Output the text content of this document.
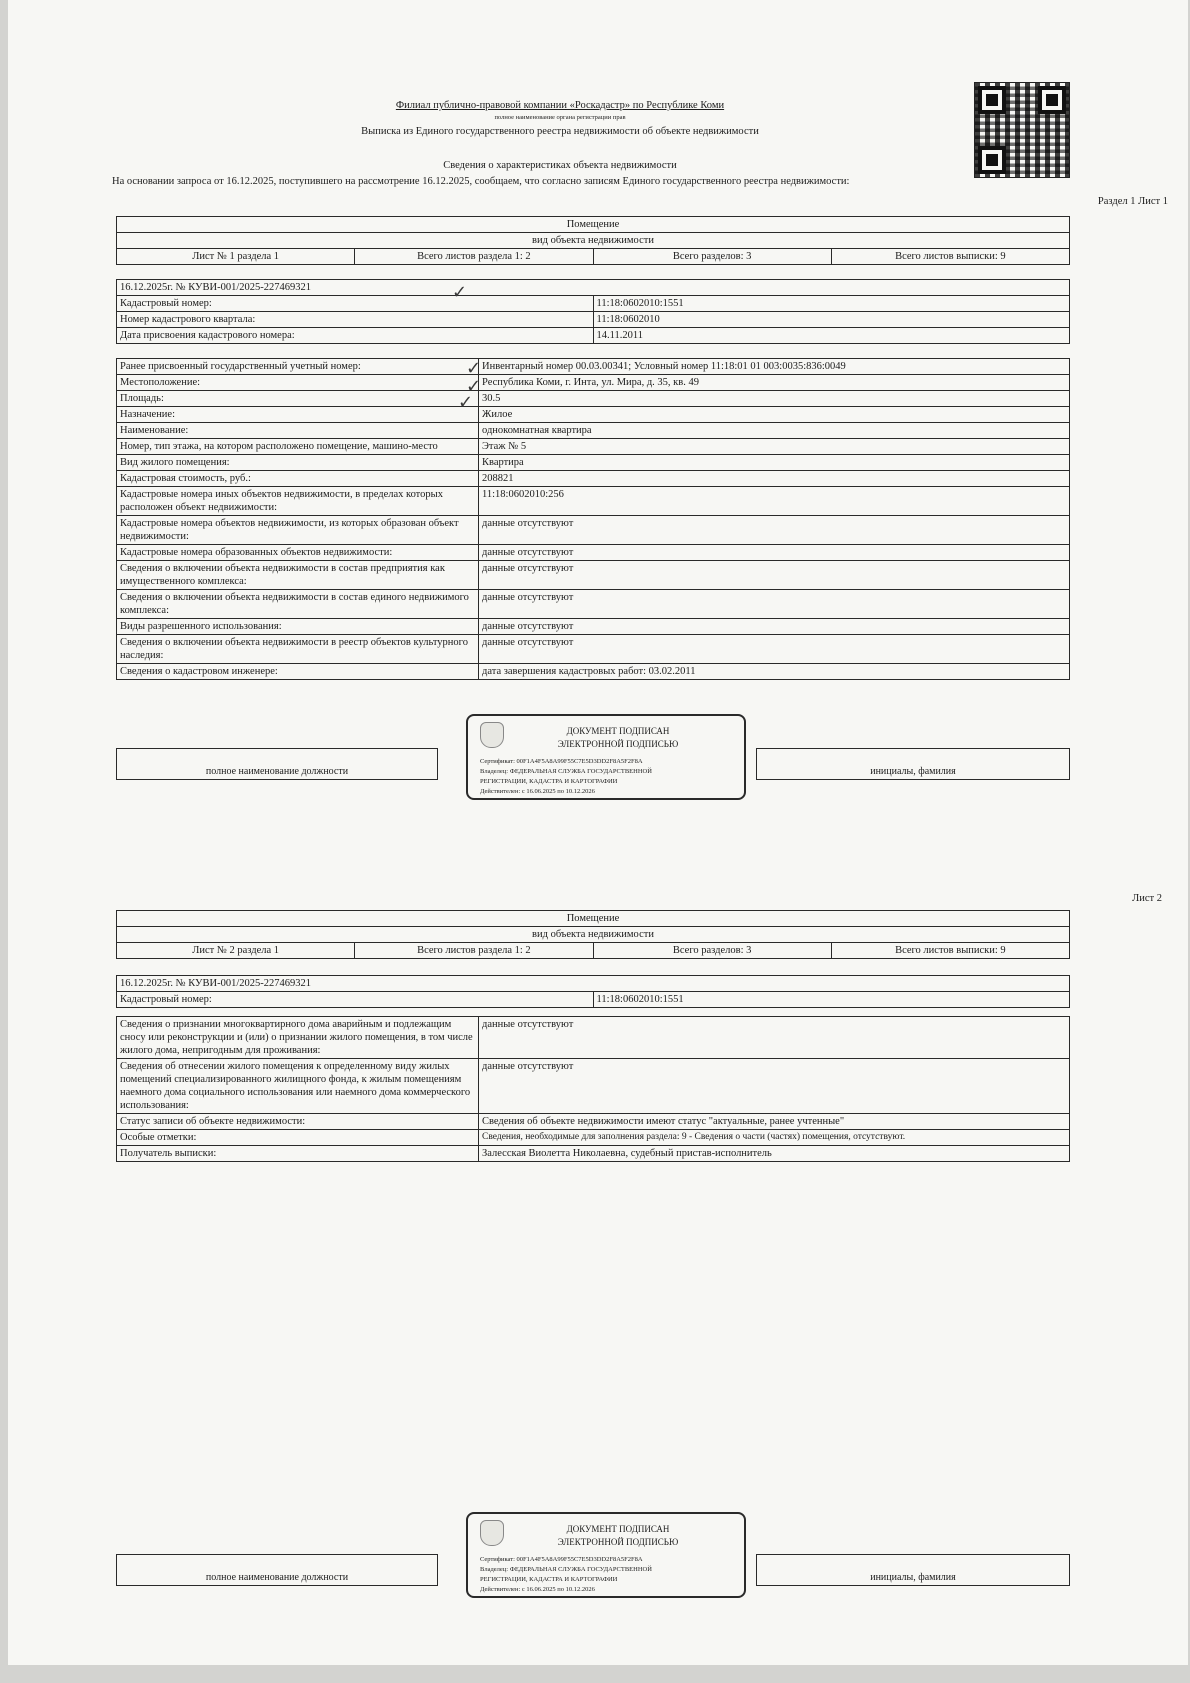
Филиал публично-правовой компании «Роскадастр» по Республике Коми
полное наименование органа регистрации прав
Выписка из Единого государственного реестра недвижимости об объекте недвижимости
Сведения о характеристиках объекта недвижимости
На основании запроса от 16.12.2025, поступившего на рассмотрение 16.12.2025, сообщаем, что согласно записям Единого государственного реестра недвижимости:
Раздел 1 Лист 1
Помещение
вид объекта недвижимости
Лист № 1 раздела 1	Всего листов раздела 1: 2	Всего разделов: 3	Всего листов выписки: 9
16.12.2025г. № КУВИ-001/2025-227469321	
Кадастровый номер:	11:18:0602010:1551
Номер кадастрового квартала:	11:18:0602010
Дата присвоения кадастрового номера:	14.11.2011
Ранее присвоенный государственный учетный номер:	Инвентарный номер 00.03.00341; Условный номер 11:18:01 01 003:0035:836:0049
Местоположение:	Республика Коми, г. Инта, ул. Мира, д. 35, кв. 49
Площадь:	30.5
Назначение:	Жилое
Наименование:	однокомнатная квартира
Номер, тип этажа, на котором расположено помещение, машино-место	Этаж № 5
Вид жилого помещения:	Квартира
Кадастровая стоимость, руб.:	208821
Кадастровые номера иных объектов недвижимости, в пределах которых расположен объект недвижимости:	11:18:0602010:256
Кадастровые номера объектов недвижимости, из которых образован объект недвижимости:	данные отсутствуют
Кадастровые номера образованных объектов недвижимости:	данные отсутствуют
Сведения о включении объекта недвижимости в состав предприятия как имущественного комплекса:	данные отсутствуют
Сведения о включении объекта недвижимости в состав единого недвижимого комплекса:	данные отсутствуют
Виды разрешенного использования:	данные отсутствуют
Сведения о включении объекта недвижимости в реестр объектов культурного наследия:	данные отсутствуют
Сведения о кадастровом инженере:	дата завершения кадастровых работ: 03.02.2011
✓
✓
✓
✓
полное наименование должности	инициалы, фамилия
ДОКУМЕНТ ПОДПИСАН
ЭЛЕКТРОННОЙ ПОДПИСЬЮ
Сертификат: 00F1A4F5A8A99F55C7E5D3DD2F8A5F2F8A
Владелец: ФЕДЕРАЛЬНАЯ СЛУЖБА ГОСУДАРСТВЕННОЙ
РЕГИСТРАЦИИ, КАДАСТРА И КАРТОГРАФИИ
Действителен: с 16.06.2025 по 10.12.2026
Лист 2
Помещение
вид объекта недвижимости
Лист № 2 раздела 1	Всего листов раздела 1: 2	Всего разделов: 3	Всего листов выписки: 9
16.12.2025г. № КУВИ-001/2025-227469321
Кадастровый номер:	11:18:0602010:1551
Сведения о признании многоквартирного дома аварийным и подлежащим сносу или реконструкции и (или) о признании жилого помещения, в том числе жилого дома, непригодным для проживания:	данные отсутствуют
Сведения об отнесении жилого помещения к определенному виду жилых помещений специализированного жилищного фонда, к жилым помещениям наемного дома социального использования или наемного дома коммерческого использования:	данные отсутствуют
Статус записи об объекте недвижимости:	Сведения об объекте недвижимости имеют статус "актуальные, ранее учтенные"
Особые отметки:	Сведения, необходимые для заполнения раздела: 9 - Сведения о части (частях) помещения, отсутствуют.
Получатель выписки:	Залесская Виолетта Николаевна, судебный пристав-исполнитель
полное наименование должности	инициалы, фамилия
ДОКУМЕНТ ПОДПИСАН
ЭЛЕКТРОННОЙ ПОДПИСЬЮ
Сертификат: 00F1A4F5A8A99F55C7E5D3DD2F8A5F2F8A
Владелец: ФЕДЕРАЛЬНАЯ СЛУЖБА ГОСУДАРСТВЕННОЙ
РЕГИСТРАЦИИ, КАДАСТРА И КАРТОГРАФИИ
Действителен: с 16.06.2025 по 10.12.2026
